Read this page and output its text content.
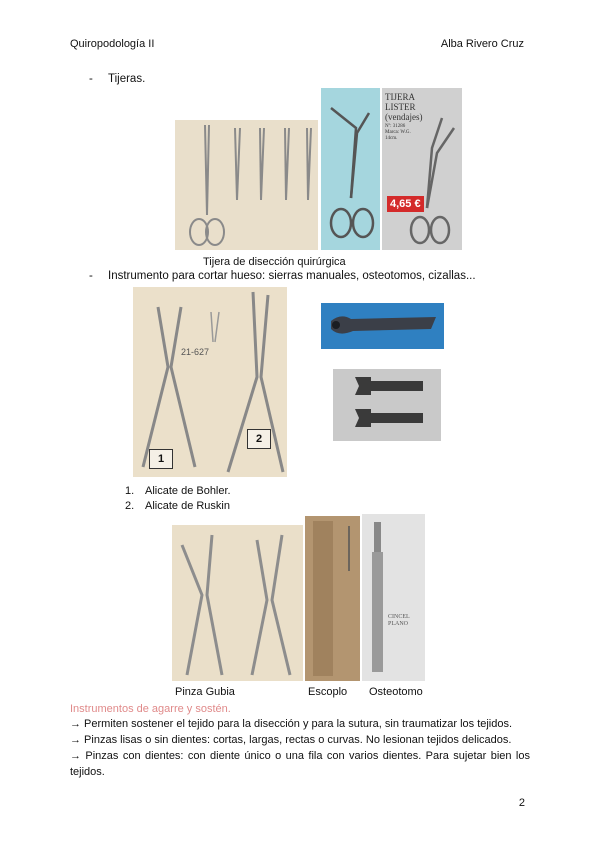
Quiropodología II	Alba Rivero Cruz
- Tijeras.
TIJERA
LISTER
(vendajes)
Nº: 31286
Marca: W.G.
14cm.
4,65 €
Tijera de disección quirúrgica
- Instrumento para cortar hueso: sierras manuales, osteotomos, cizallas...
21-627
1
2
1. Alicate de Bohler.
2. Alicate de Ruskin
CINCEL
PLANO
Pinza Gubia	Escoplo Osteotomo
Instrumentos de agarre y sostén.
→ Permiten sostener el tejido para la disección y para la sutura, sin traumatizar los tejidos.
→ Pinzas lisas o sin dientes: cortas, largas, rectas o curvas. No lesionan tejidos delicados.
→ Pinzas con dientes: con diente único o una fila con varios dientes. Para sujetar bien los tejidos.
2
